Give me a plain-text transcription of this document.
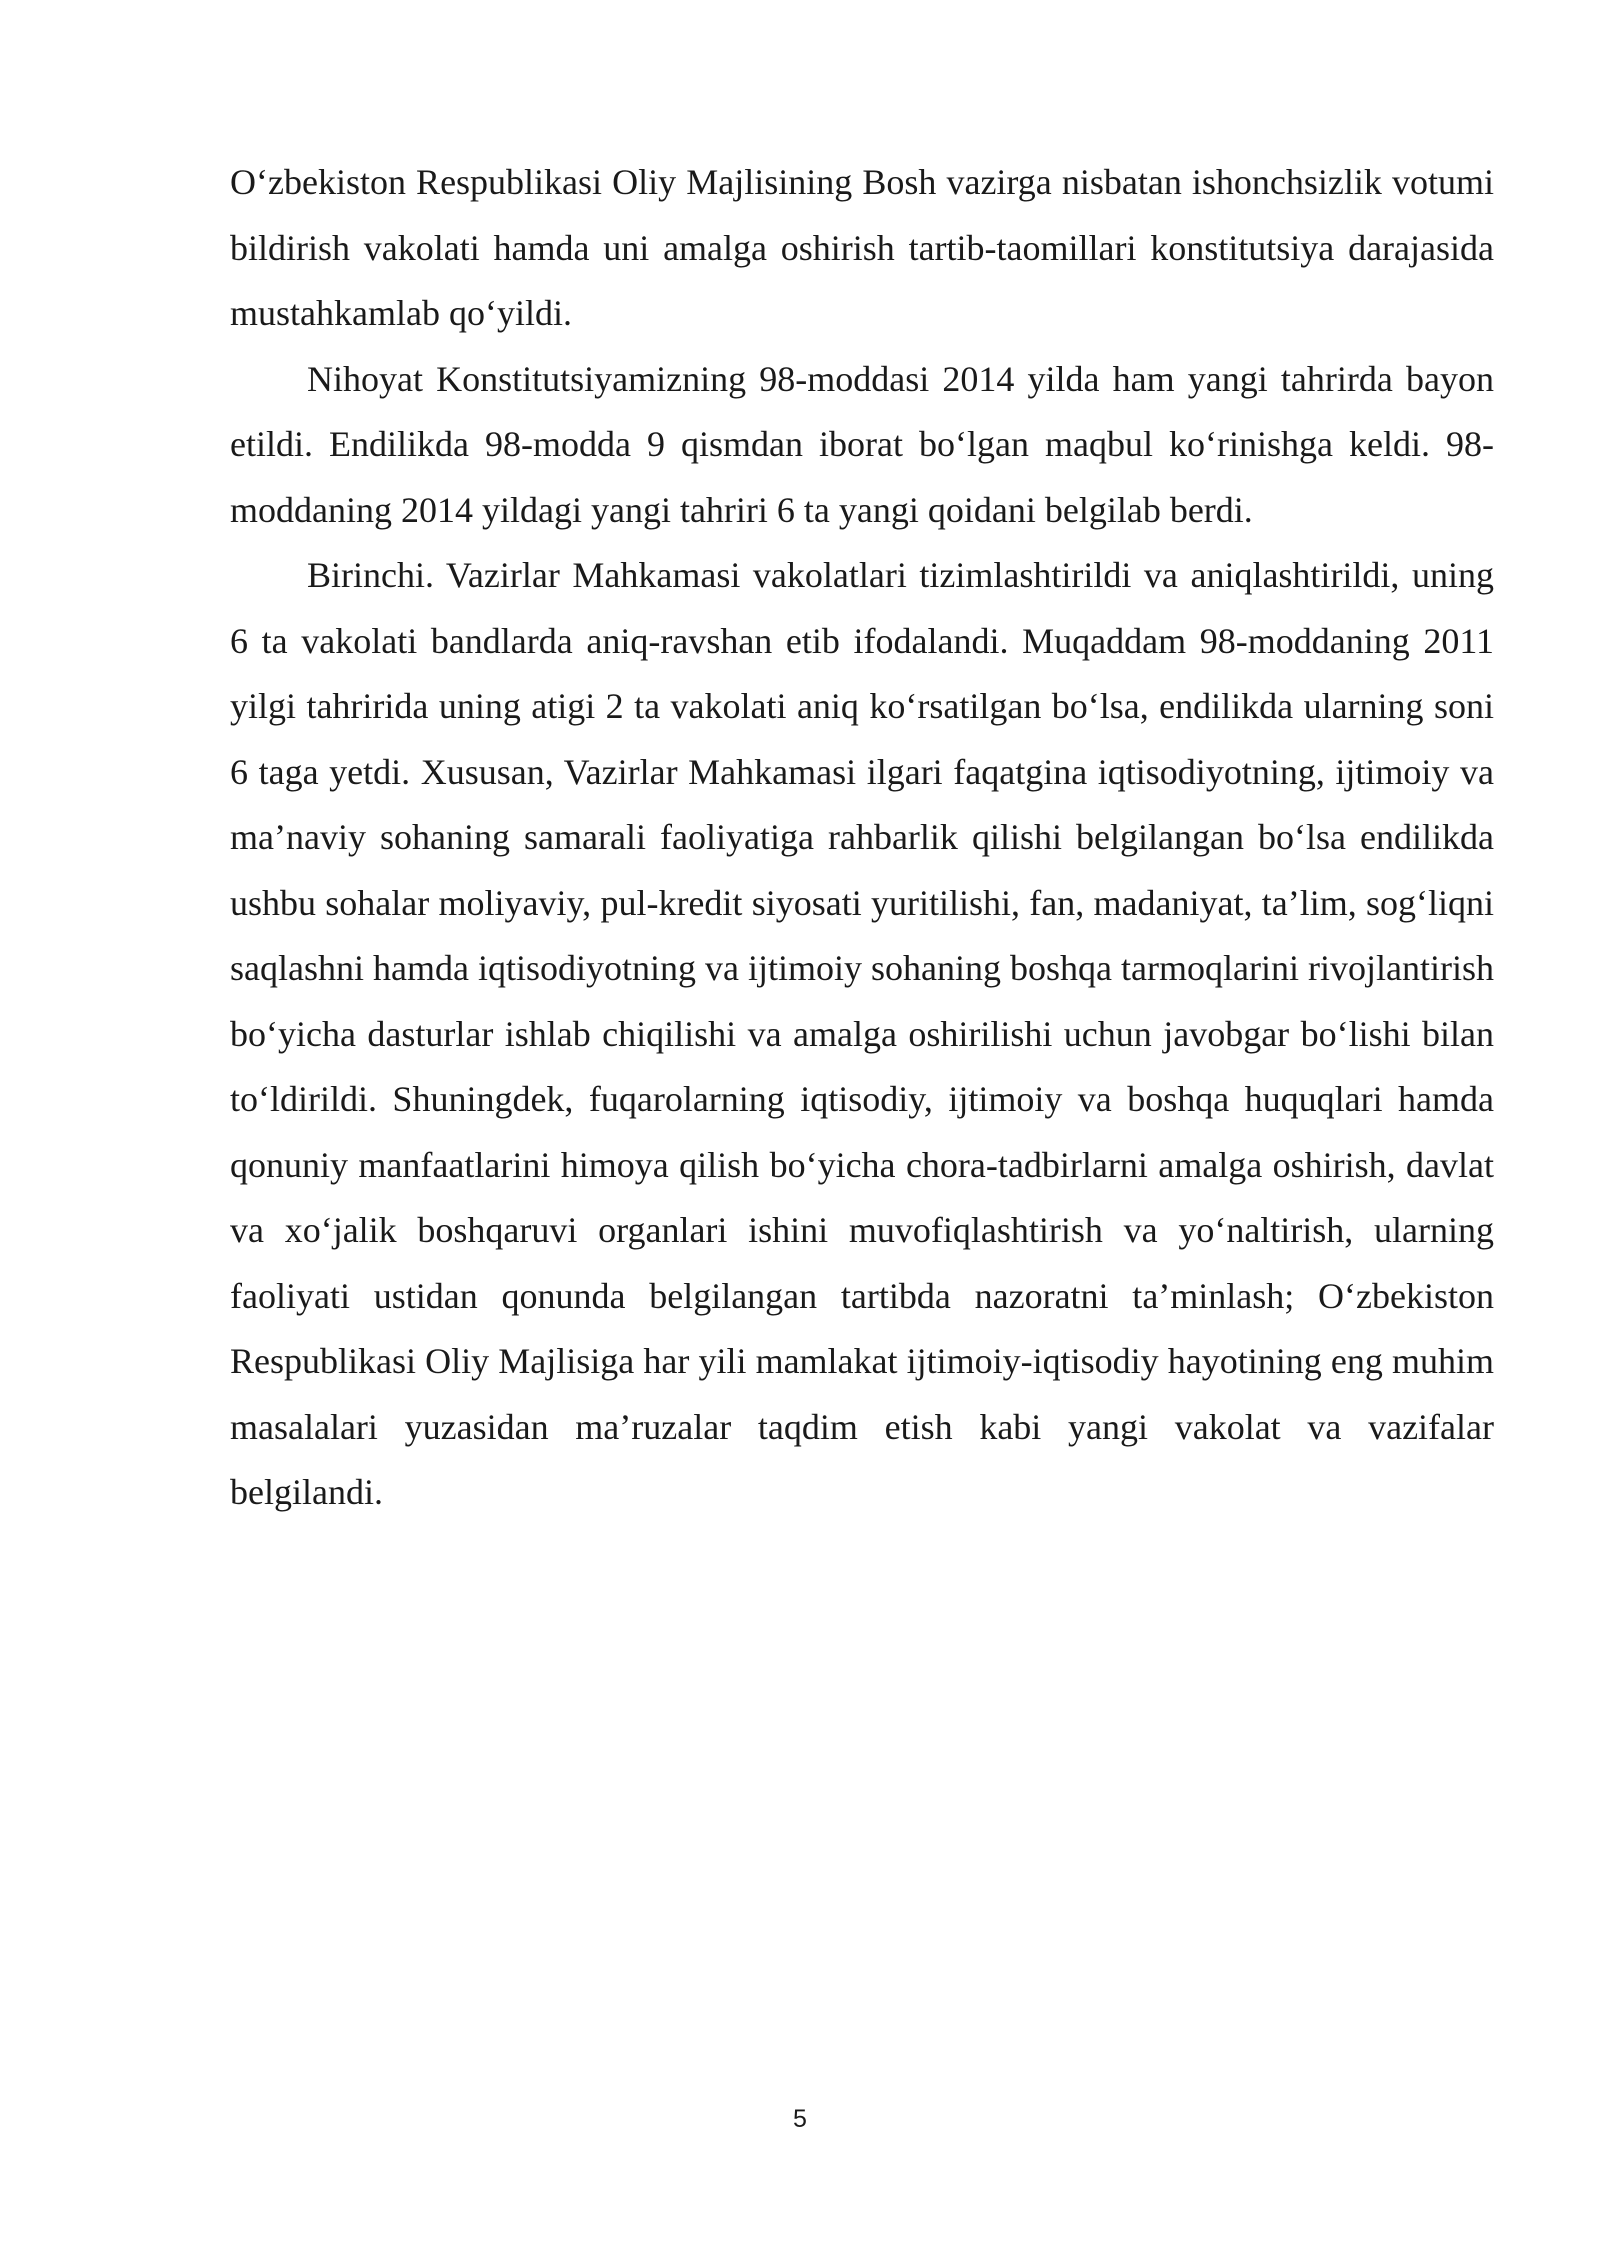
O‘zbekiston Respublikasi Oliy Majlisining Bosh vazirga nisbatan ishonchsizlik votumi bildirish vakolati hamda uni amalga oshirish tartib-taomillari konstitutsiya darajasida mustahkamlab qo‘yildi.

Nihoyat Konstitutsiyamizning 98-moddasi 2014 yilda ham yangi tahrirda bayon etildi. Endilikda 98-modda 9 qismdan iborat bo‘lgan maqbul ko‘rinishga keldi. 98-moddaning 2014 yildagi yangi tahriri 6 ta yangi qoidani belgilab berdi.

Birinchi. Vazirlar Mahkamasi vakolatlari tizimlashtirildi va aniqlashtirildi, uning 6 ta vakolati bandlarda aniq-ravshan etib ifodalandi. Muqaddam 98-moddaning 2011 yilgi tahririda uning atigi 2 ta vakolati aniq ko‘rsatilgan bo‘lsa, endilikda ularning soni 6 taga yetdi. Xususan, Vazirlar Mahkamasi ilgari faqatgina iqtisodiyotning, ijtimoiy va ma’naviy sohaning samarali faoliyatiga rahbarlik qilishi belgilangan bo‘lsa endilikda ushbu sohalar moliyaviy, pul-kredit siyosati yuritilishi, fan, madaniyat, ta’lim, sog‘liqni saqlashni hamda iqtisodiyotning va ijtimoiy sohaning boshqa tarmoqlarini rivojlantirish bo‘yicha dasturlar ishlab chiqilishi va amalga oshirilishi uchun javobgar bo‘lishi bilan to‘ldirildi. Shuningdek, fuqarolarning iqtisodiy, ijtimoiy va boshqa huquqlari hamda qonuniy manfaatlarini himoya qilish bo‘yicha chora-tadbirlarni amalga oshirish, davlat va xo‘jalik boshqaruvi organlari ishini muvofiqlashtirish va yo‘naltirish, ularning faoliyati ustidan qonunda belgilangan tartibda nazoratni ta’minlash; O‘zbekiston Respublikasi Oliy Majlisiga har yili mamlakat ijtimoiy-iqtisodiy hayotining eng muhim masalalari yuzasidan ma’ruzalar taqdim etish kabi yangi vakolat va vazifalar belgilandi.

5
